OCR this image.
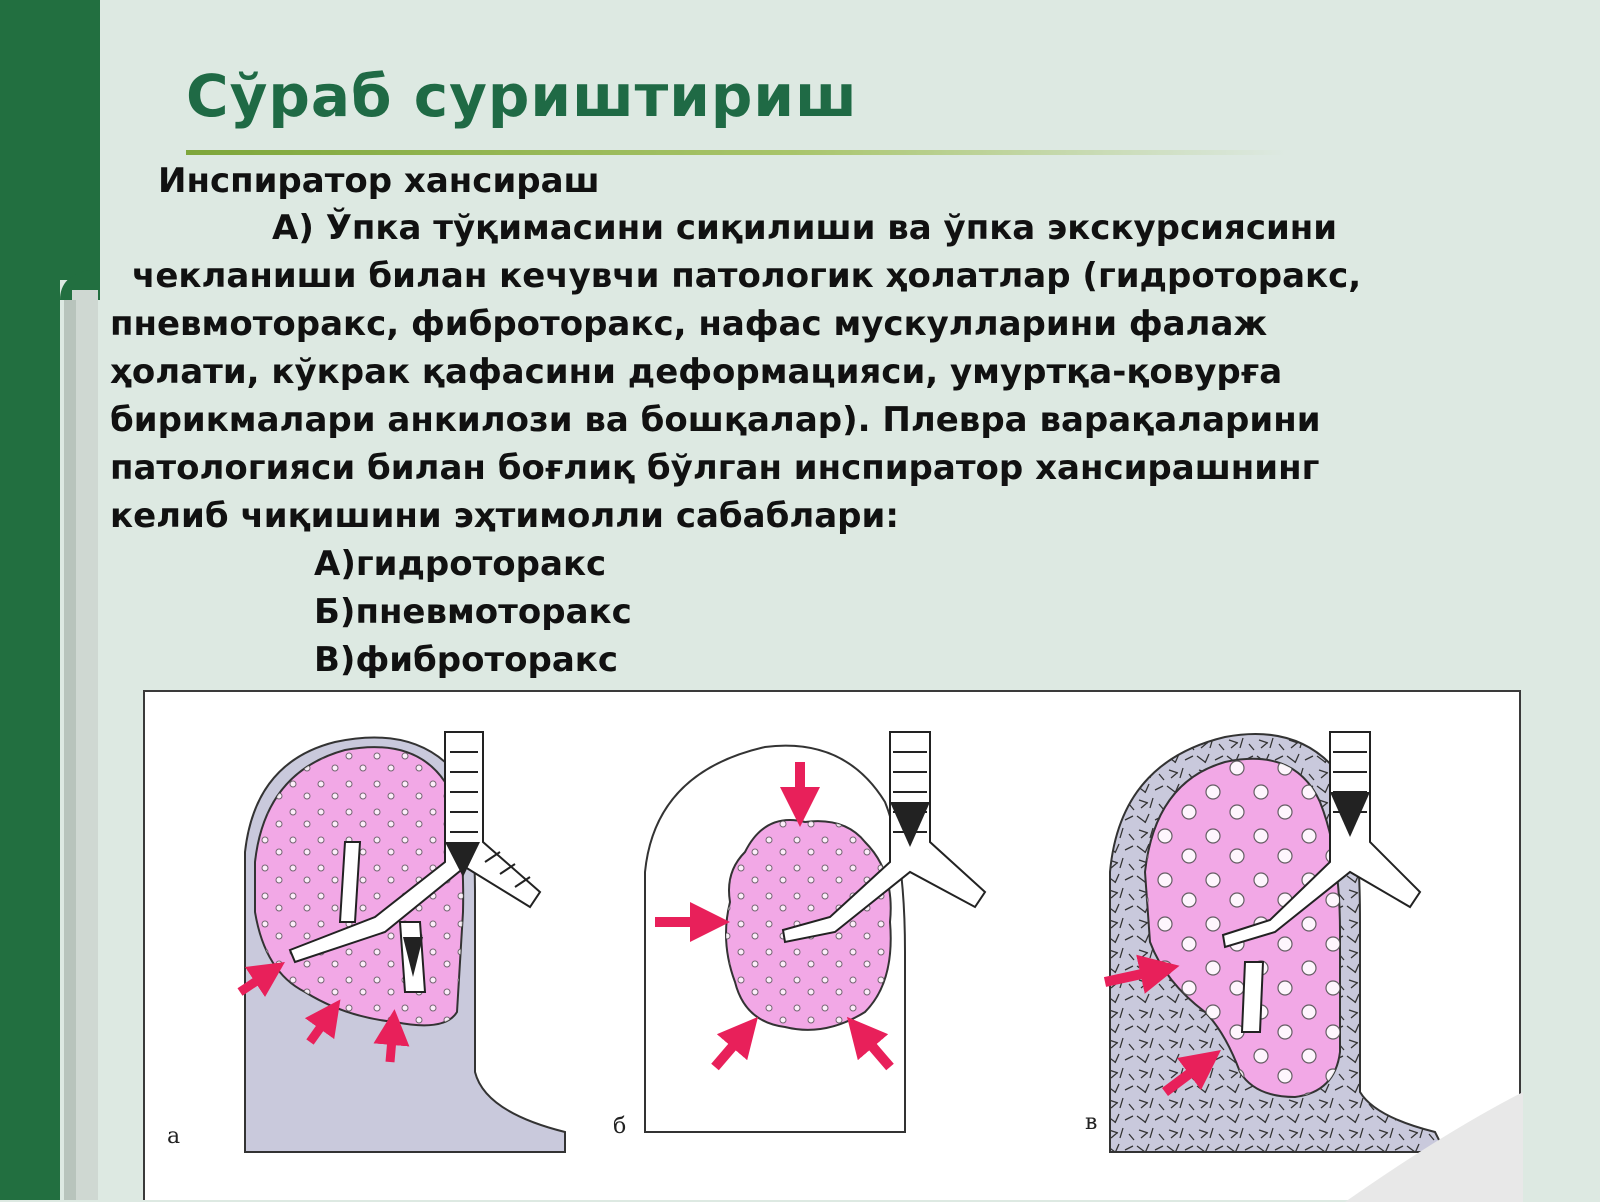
Сўраб суриштириш
Инспиратор хансираш
А) Ўпка тўқимасини сиқилиши ва ўпка экскурсиясини
чекланиши билан кечувчи патологик ҳолатлар (гидроторакс,
пневмоторакс, фиброторакс, нафас мускулларини фалаж
ҳолати, кўкрак қафасини деформацияси, умуртқа-қовурға
бирикмалари анкилози ва бошқалар). Плевра варақаларини
патологияси билан боғлиқ бўлган инспиратор хансирашнинг
келиб чиқишини эҳтимолли сабаблари:
А)гидроторакс
Б)пневмоторакс
В)фиброторакс
а	б	в
